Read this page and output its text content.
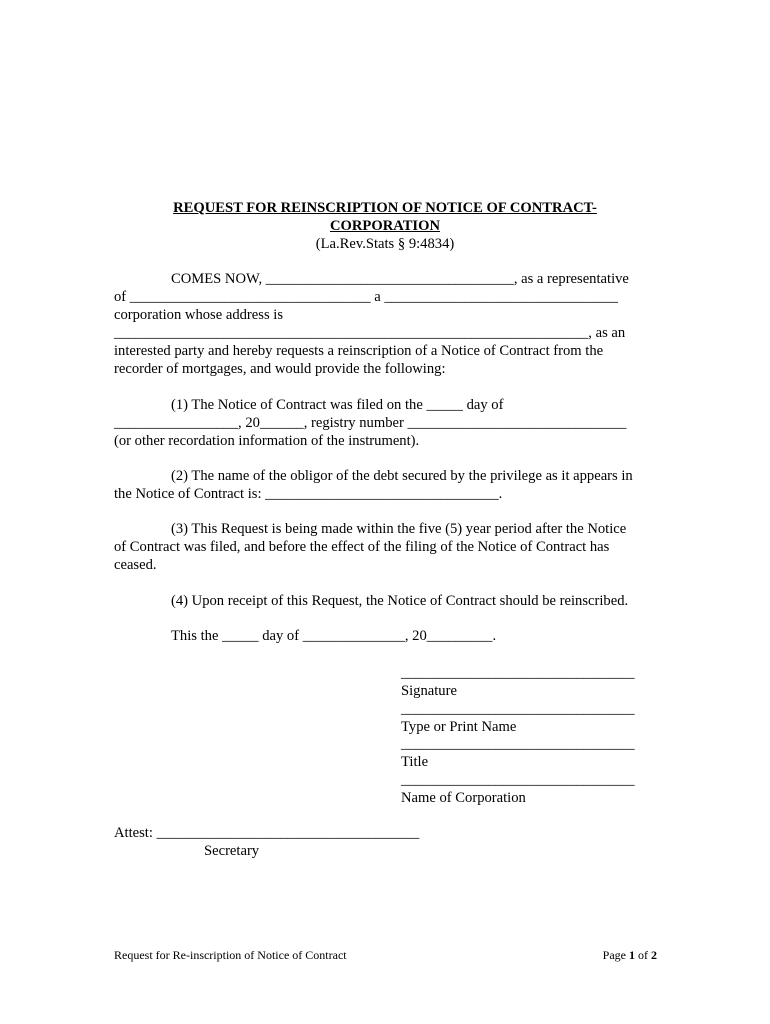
REQUEST FOR REINSCRIPTION OF NOTICE OF CONTRACT-
CORPORATION
(La.Rev.Stats § 9:4834)
COMES NOW, __________________________________, as a representative
of _________________________________ a ________________________________
corporation whose address is
_________________________________________________________________, as an
interested party and hereby requests a reinscription of a Notice of Contract from the
recorder of mortgages, and would provide the following:
(1) The Notice of Contract was filed on the _____ day of
_________________, 20______, registry number ______________________________
(or other recordation information of the instrument).
(2) The name of the obligor of the debt secured by the privilege as it appears in
the Notice of Contract is: ________________________________.
(3) This Request is being made within the five (5) year period after the Notice
of Contract was filed, and before the effect of the filing of the Notice of Contract has
ceased.
(4) Upon receipt of this Request, the Notice of Contract should be reinscribed.
This the _____ day of ______________, 20_________.
________________________________
Signature
________________________________
Type or Print Name
________________________________
Title
________________________________
Name of Corporation
Attest: ____________________________________
Secretary
Request for Re-inscription of Notice of Contract	Page 1 of 2
